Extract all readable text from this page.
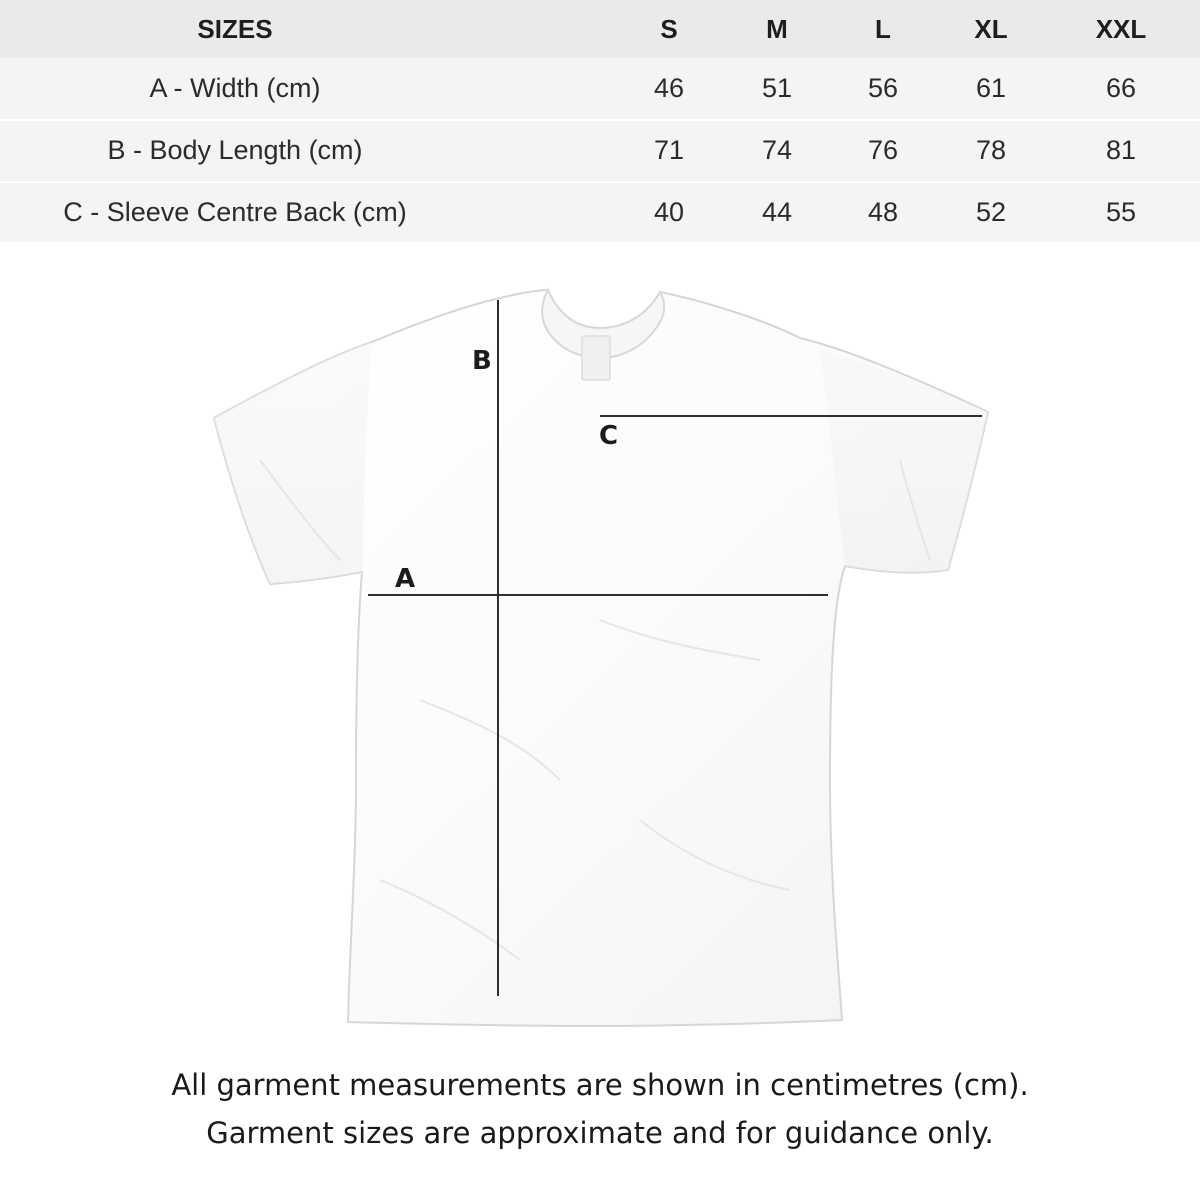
SIZES	S	M	L	XL	XXL
A - Width (cm)	46	51	56	61	66
B - Body Length (cm)	71	74	76	78	81
C - Sleeve Centre Back (cm)	40	44	48	52	55
B
C
A
All garment measurements are shown in centimetres (cm).
Garment sizes are approximate and for guidance only.
